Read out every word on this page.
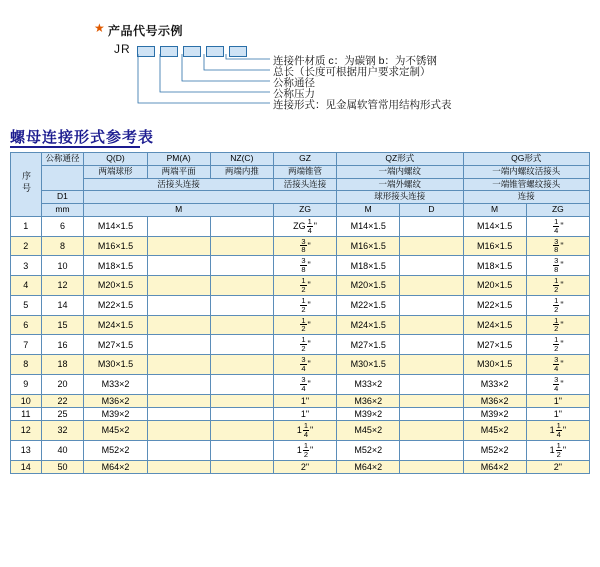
★ 产品代号示例
JR
连接件材质 c：为碳钢 b：为不锈钢
总长（长度可根据用户要求定制）
公称通径
公称压力
连接形式：见金属软管常用结构形式表
螺母连接形式参考表
序号	公称通径	Q(D)	PM(A)	NZ(C)	GZ	QZ形式		QG形式	
		两端球形	两端平面	两端内推	两端锥管	一端内螺纹		一端内螺纹活接头	
		活接头连接			活接头连接	一端外螺纹		一端锥管螺纹接头	
	D1					球形接头连接		连接	
	mm	M			ZG	M	D	M	ZG
1	6	M14×1.5			ZG $\frac{1}{4}$ "	M14×1.5		M14×1.5	$\frac{1}{4}$ "
2	8	M16×1.5			$\frac{3}{8}$ "	M16×1.5		M16×1.5	$\frac{3}{8}$ "
3	10	M18×1.5			$\frac{3}{8}$ "	M18×1.5		M18×1.5	$\frac{3}{8}$ "
4	12	M20×1.5			$\frac{1}{2}$ "	M20×1.5		M20×1.5	$\frac{1}{2}$ "
5	14	M22×1.5			$\frac{1}{2}$ "	M22×1.5		M22×1.5	$\frac{1}{2}$ "
6	15	M24×1.5			$\frac{1}{2}$ "	M24×1.5		M24×1.5	$\frac{1}{2}$ "
7	16	M27×1.5			$\frac{1}{2}$ "	M27×1.5		M27×1.5	$\frac{1}{2}$ "
8	18	M30×1.5			$\frac{3}{4}$ "	M30×1.5		M30×1.5	$\frac{3}{4}$ "
9	20	M33×2			$\frac{3}{4}$ "	M33×2		M33×2	$\frac{3}{4}$ "
10	22	M36×2			1"	M36×2		M36×2	1"
11	25	M39×2			1"	M39×2		M39×2	1"
12	32	M45×2			$1 \frac{1}{4}$ "	M45×2		M45×2	$1 \frac{1}{4}$ "
13	40	M52×2			$1 \frac{1}{2}$ "	M52×2		M52×2	$1 \frac{1}{2}$ "
14	50	M64×2			2"	M64×2		M64×2	2"
